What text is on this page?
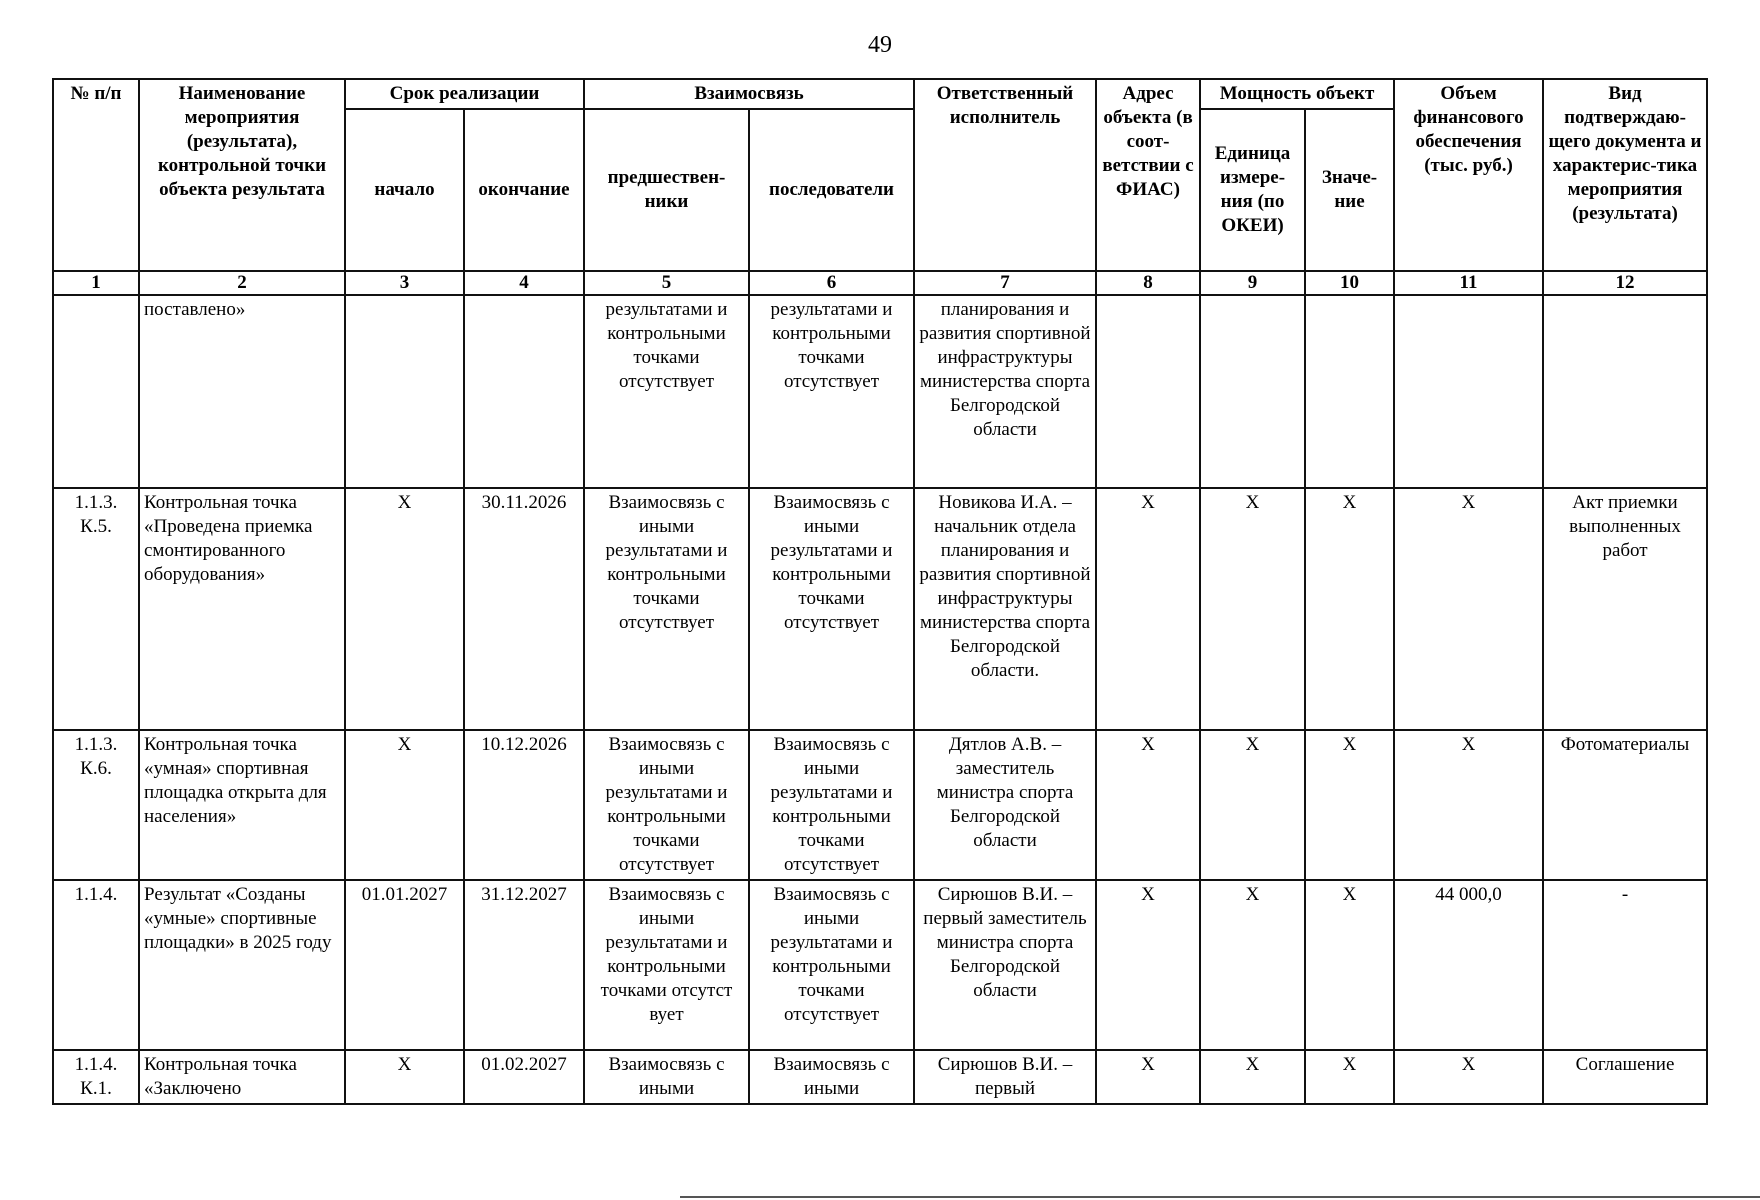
49
№ п/п	Наименование мероприятия (результата), контрольной точки объекта результата	Срок реализации		Взаимосвязь		Ответственный исполнитель	Адрес объекта (в соот-ветствии с ФИАС)	Мощность объект		Объем финансового обеспечения (тыс. руб.)	Вид подтверждаю-щего документа и характерис-тика мероприятия (результата)
		начало	окончание	предшествен-ники	последователи			Единица измере-ния (по ОКЕИ)	Значе-ние		
1	2	3	4	5	6	7	8	9	10	11	12
	поставлено»			результатами и контрольными точками отсутствует	результатами и контрольными точками отсутствует	планирования и развития спортивной инфраструктуры министерства спорта Белгородской области					
1.1.3. К.5.	Контрольная точка «Проведена приемка смонтированного оборудования»	Х	30.11.2026	Взаимосвязь с иными результатами и контрольными точками отсутствует	Взаимосвязь с иными результатами и контрольными точками отсутствует	Новикова И.А. – начальник отдела планирования и развития спортивной инфраструктуры министерства спорта Белгородской области.	Х	Х	Х	Х	Акт приемки выполненных работ
1.1.3. К.6.	Контрольная точка «умная» спортивная площадка открыта для населения»	Х	10.12.2026	Взаимосвязь с иными результатами и контрольными точками отсутствует	Взаимосвязь с иными результатами и контрольными точками отсутствует	Дятлов А.В. – заместитель министра спорта Белгородской области	Х	Х	Х	Х	Фотоматериалы
1.1.4.	Результат «Созданы «умные» спортивные площадки» в 2025 году	01.01.2027	31.12.2027	Взаимосвязь с иными результатами и контрольными точками отсутст вует	Взаимосвязь с иными результатами и контрольными точками отсутствует	Сирюшов В.И. – первый заместитель министра спорта Белгородской области	Х	Х	Х	44 000,0	-
1.1.4. К.1.	Контрольная точка «Заключено	Х	01.02.2027	Взаимосвязь с иными	Взаимосвязь с иными	Сирюшов В.И. – первый	Х	Х	Х	Х	Соглашение
